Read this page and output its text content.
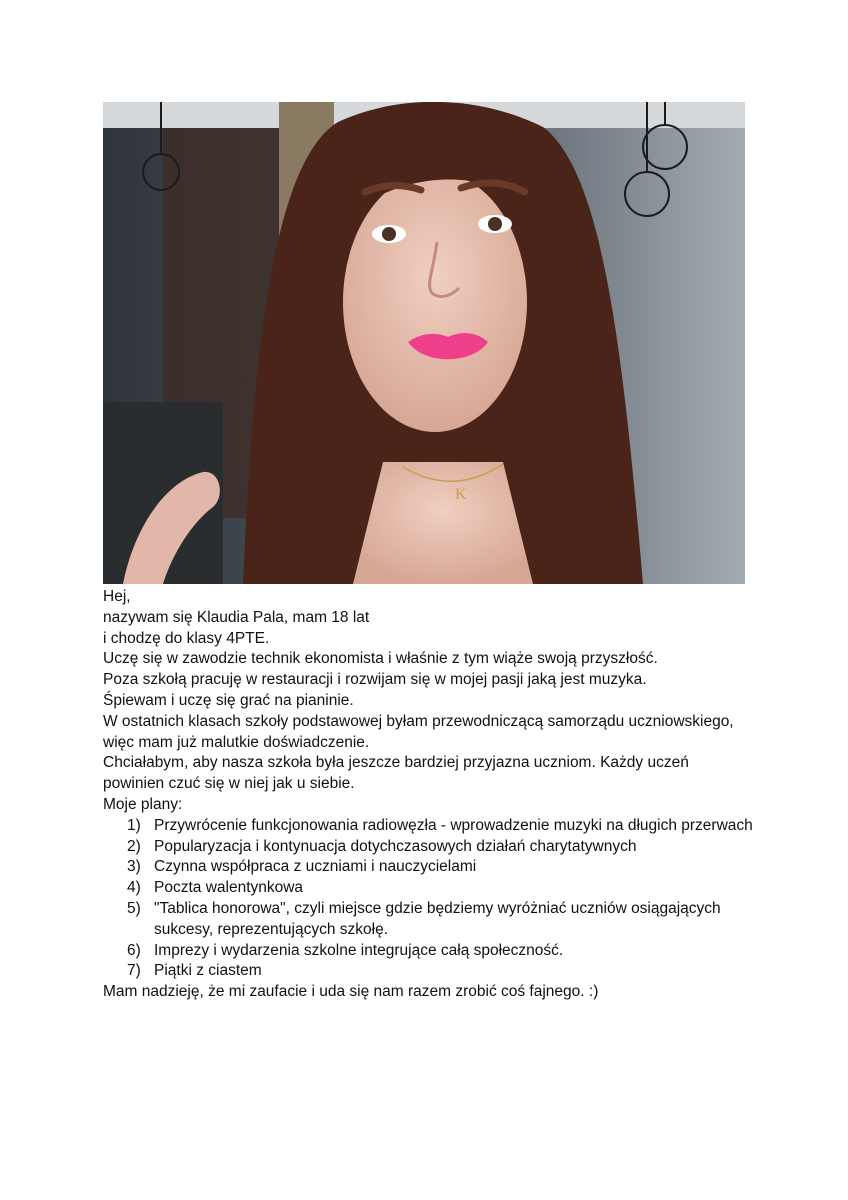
K

Hej,

nazywam się Klaudia Pala, mam 18 lat

i chodzę do klasy 4PTE.

Uczę się w zawodzie technik ekonomista i właśnie z tym wiąże swoją przyszłość.

Poza szkołą pracuję w restauracji i rozwijam się w mojej pasji jaką jest muzyka.

Śpiewam i uczę się grać na pianinie.

W ostatnich klasach szkoły podstawowej byłam przewodniczącą samorządu uczniowskiego, więc mam już malutkie doświadczenie.

Chciałabym, aby nasza szkoła była jeszcze bardziej przyjazna uczniom. Każdy uczeń powinien czuć się w niej jak u siebie.

Moje plany:

1) Przywrócenie funkcjonowania radiowęzła - wprowadzenie muzyki na długich przerwach
2) Popularyzacja i kontynuacja dotychczasowych działań charytatywnych
3) Czynna współpraca z uczniami i nauczycielami
4) Poczta walentynkowa
5) "Tablica honorowa", czyli miejsce gdzie będziemy wyróżniać uczniów osiągających sukcesy, reprezentujących szkołę.
6) Imprezy i wydarzenia szkolne integrujące całą społeczność.
7) Piątki z ciastem

Mam nadzieję, że mi zaufacie i uda się nam razem zrobić coś fajnego. :)
